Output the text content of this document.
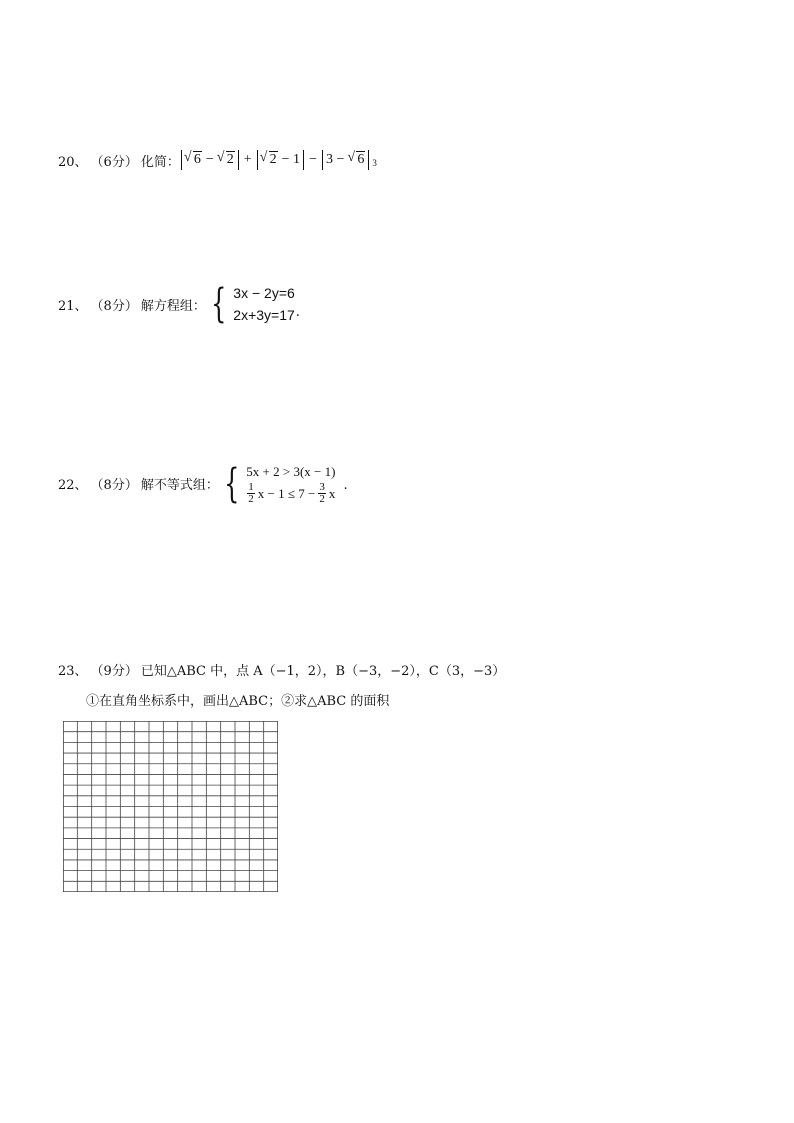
20、 （6分） 化简：	√ 6 − √ 2 +	√ 2 − 1 − 3 − √ 6 3
21、 （8分） 解方程组： { 3x − 2y=6
2x+3y=17 .
22、 （8分） 解不等式组： { 5x + 2 > 3(x − 1)
$\frac{1}{2}$ $x - 1 \le 7 - \frac{3}{2}$ x .
23、 （9分） 已知△ABC 中，点 A（−1，2），B（−3，−2），C（3，−3）
①在直角坐标系中，画出△ABC；②求△ABC 的面积
